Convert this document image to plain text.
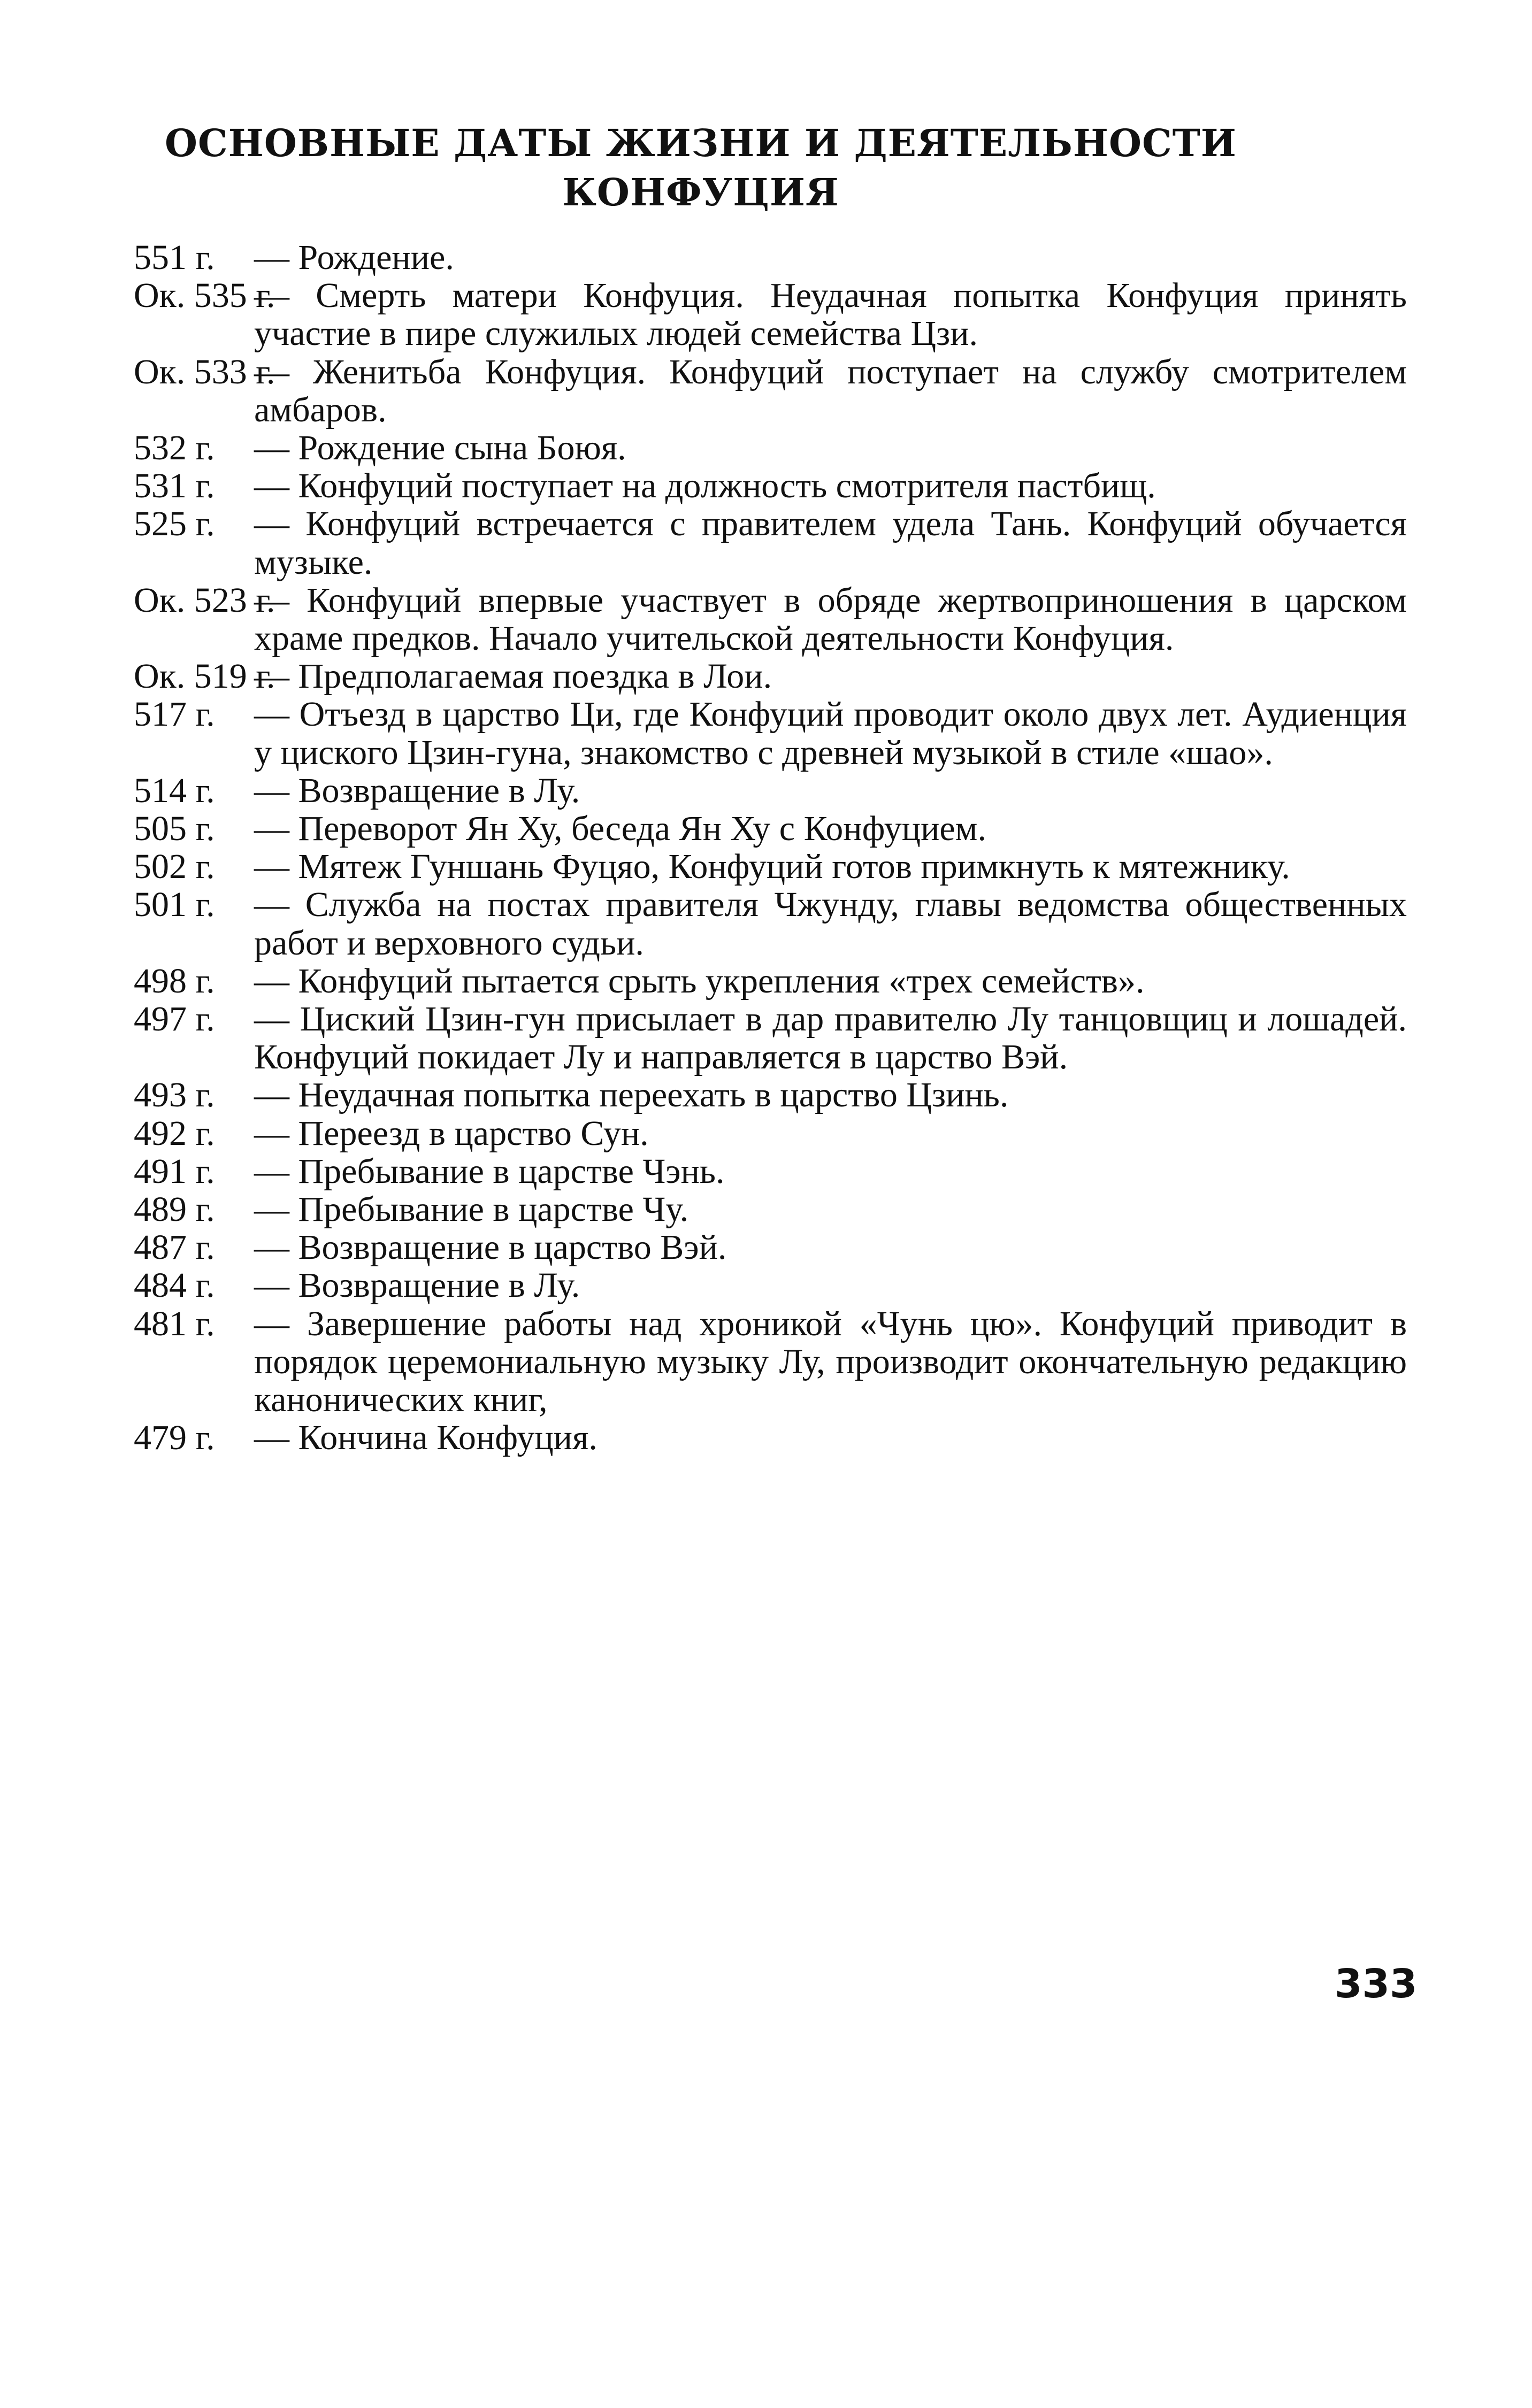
ОСНОВНЫЕ ДАТЫ ЖИЗНИ И ДЕЯТЕЛЬНОСТИ
КОНФУЦИЯ
551 г. — Рождение.
Ок. 535 г.
— Смерть матери Конфуция. Неудачная попытка Конфуция принять участие в пире служилых людей семейства Цзи.
Ок. 533 г.
— Женитьба Конфуция. Конфуций поступает на службу смотрителем амбаров.
532 г. — Рождение сына Боюя.
531 г. — Конфуций поступает на должность смотрителя пастбищ.
525 г. — Конфуций встречается с правителем удела Тань. Конфуций обучается музыке.
Ок. 523 г.
— Конфуций впервые участвует в обряде жертвоприношения в царском храме предков. Начало учительской деятельности Конфуция.
Ок. 519 г.
— Предполагаемая поездка в Лои.
517 г. — Отъезд в царство Ци, где Конфуций проводит около двух лет. Аудиенция у циского Цзин-гуна, знакомство с древней музыкой в стиле «шао».
514 г. — Возвращение в Лу.
505 г. — Переворот Ян Ху, беседа Ян Ху с Конфуцием.
502 г. — Мятеж Гуншань Фуцяо, Конфуций готов примкнуть к мятежнику.
501 г. — Служба на постах правителя Чжунду, главы ведомства общественных работ и верховного судьи.
498 г. — Конфуций пытается срыть укрепления «трех семейств».
497 г. — Циский Цзин-гун присылает в дар правителю Лу танцовщиц и лошадей. Конфуций покидает Лу и направляется в царство Вэй.
493 г. — Неудачная попытка переехать в царство Цзинь.
492 г. — Переезд в царство Сун.
491 г. — Пребывание в царстве Чэнь.
489 г. — Пребывание в царстве Чу.
487 г. — Возвращение в царство Вэй.
484 г. — Возвращение в Лу.
481 г. — Завершение работы над хроникой «Чунь цю». Конфуций приводит в порядок церемониальную музыку Лу, производит окончательную редакцию канонических книг,
479 г. — Кончина Конфуция.
333
